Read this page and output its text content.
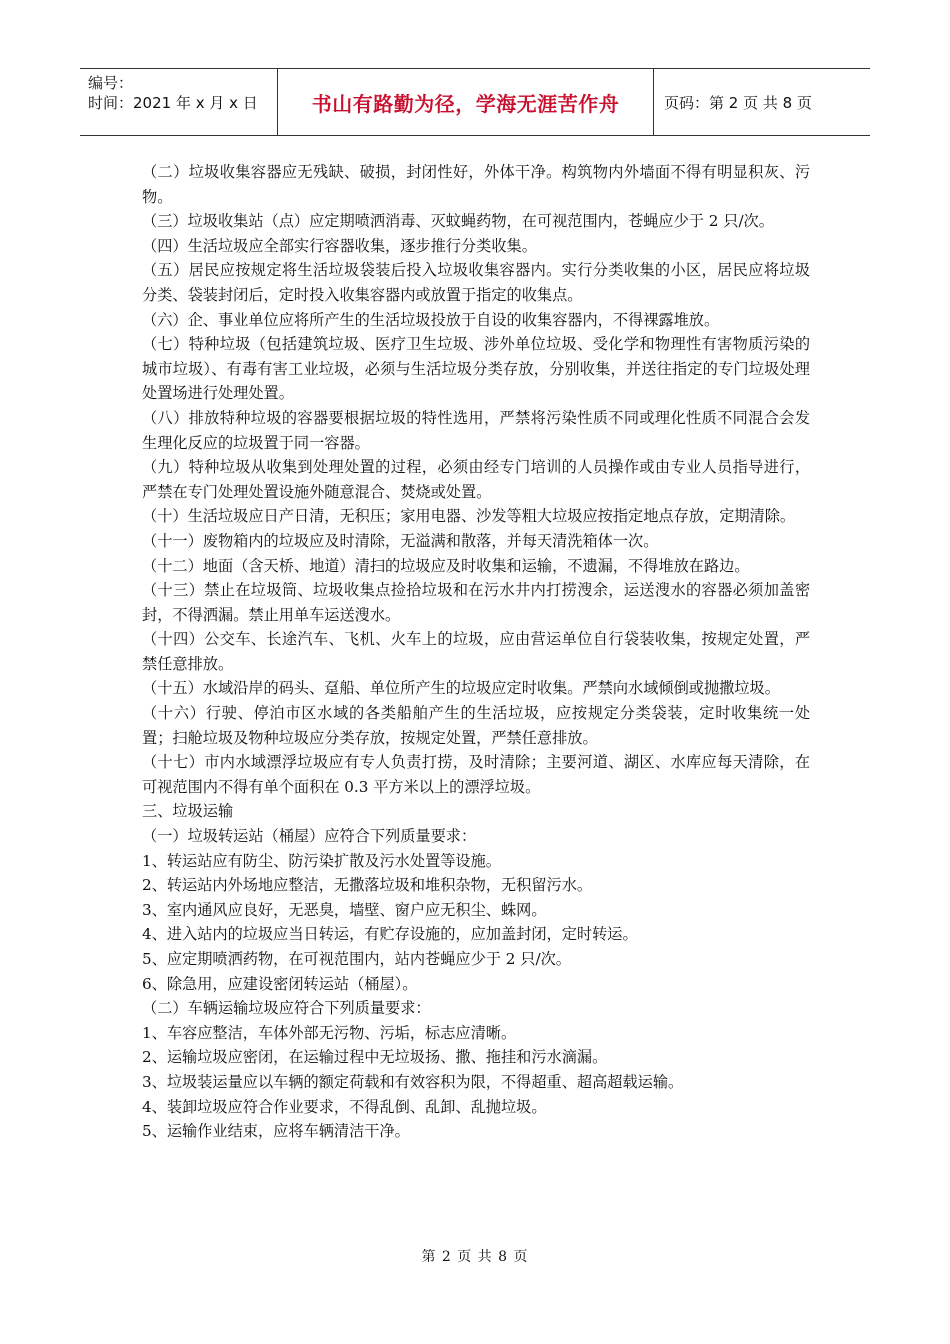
编号：
时间：2021 年 x 月 x 日	书山有路勤为径，学海无涯苦作舟	页码：第 2 页 共 8 页

（二）垃圾收集容器应无残缺、破损，封闭性好，外体干净。构筑物内外墙面不得有明显积灰、污物。

（三）垃圾收集站（点）应定期喷洒消毒、灭蚊蝇药物，在可视范围内，苍蝇应少于 2 只/次。

（四）生活垃圾应全部实行容器收集，逐步推行分类收集。

（五）居民应按规定将生活垃圾袋装后投入垃圾收集容器内。实行分类收集的小区，居民应将垃圾分类、袋装封闭后，定时投入收集容器内或放置于指定的收集点。

（六）企、事业单位应将所产生的生活垃圾投放于自设的收集容器内，不得裸露堆放。

（七）特种垃圾（包括建筑垃圾、医疗卫生垃圾、涉外单位垃圾、受化学和物理性有害物质污染的城市垃圾）、有毒有害工业垃圾，必须与生活垃圾分类存放，分别收集，并送往指定的专门垃圾处理处置场进行处理处置。

（八）排放特种垃圾的容器要根据垃圾的特性选用，严禁将污染性质不同或理化性质不同混合会发生理化反应的垃圾置于同一容器。

（九）特种垃圾从收集到处理处置的过程，必须由经专门培训的人员操作或由专业人员指导进行，严禁在专门处理处置设施外随意混合、焚烧或处置。

（十）生活垃圾应日产日清，无积压；家用电器、沙发等粗大垃圾应按指定地点存放，定期清除。

（十一）废物箱内的垃圾应及时清除，无溢满和散落，并每天清洗箱体一次。

（十二）地面（含天桥、地道）清扫的垃圾应及时收集和运输，不遗漏，不得堆放在路边。

（十三）禁止在垃圾筒、垃圾收集点捡拾垃圾和在污水井内打捞溲余，运送溲水的容器必须加盖密封，不得洒漏。禁止用单车运送溲水。

（十四）公交车、长途汽车、飞机、火车上的垃圾，应由营运单位自行袋装收集，按规定处置，严禁任意排放。

（十五）水域沿岸的码头、趸船、单位所产生的垃圾应定时收集。严禁向水域倾倒或抛撒垃圾。

（十六）行驶、停泊市区水域的各类船舶产生的生活垃圾，应按规定分类袋装，定时收集统一处置；扫舱垃圾及物种垃圾应分类存放，按规定处置，严禁任意排放。

（十七）市内水域漂浮垃圾应有专人负责打捞，及时清除；主要河道、湖区、水库应每天清除，在可视范围内不得有单个面积在 0.3 平方米以上的漂浮垃圾。

三、垃圾运输

（一）垃圾转运站（桶屋）应符合下列质量要求：

1、转运站应有防尘、防污染扩散及污水处置等设施。

2、转运站内外场地应整洁，无撒落垃圾和堆积杂物，无积留污水。

3、室内通风应良好，无恶臭，墙壁、窗户应无积尘、蛛网。

4、进入站内的垃圾应当日转运，有贮存设施的，应加盖封闭，定时转运。

5、应定期喷洒药物，在可视范围内，站内苍蝇应少于 2 只/次。

6、除急用，应建设密闭转运站（桶屋）。

（二）车辆运输垃圾应符合下列质量要求：

1、车容应整洁，车体外部无污物、污垢，标志应清晰。

2、运输垃圾应密闭，在运输过程中无垃圾扬、撒、拖挂和污水滴漏。

3、垃圾装运量应以车辆的额定荷载和有效容积为限，不得超重、超高超载运输。

4、装卸垃圾应符合作业要求，不得乱倒、乱卸、乱抛垃圾。

5、运输作业结束，应将车辆清洁干净。

第 2 页 共 8 页
